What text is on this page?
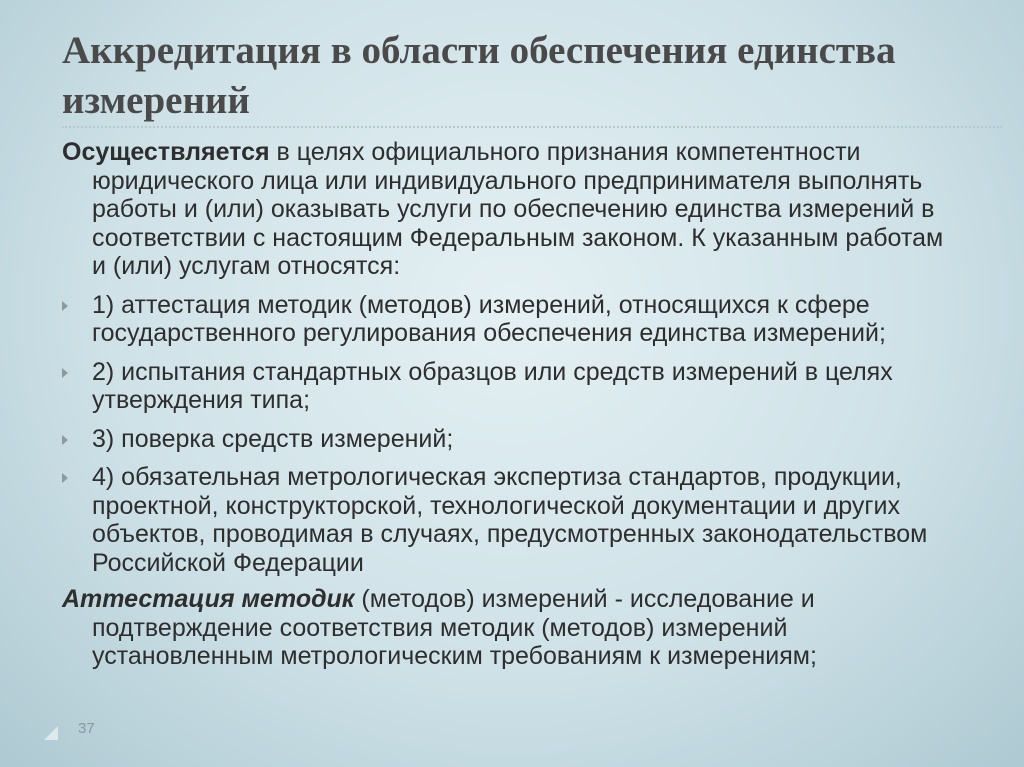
Аккредитация в области обеспечения единства измерений

Осуществляется в целях официального признания компетентности юридического лица или индивидуального предпринимателя выполнять работы и (или) оказывать услуги по обеспечению единства измерений в соответствии с настоящим Федеральным законом. К указанным работам и (или) услугам относятся:

1) аттестация методик (методов) измерений, относящихся к сфере государственного регулирования обеспечения единства измерений;
2) испытания стандартных образцов или средств измерений в целях утверждения типа;
3) поверка средств измерений;
4) обязательная метрологическая экспертиза стандартов, продукции, проектной, конструкторской, технологической документации и других объектов, проводимая в случаях, предусмотренных законодательством Российской Федерации

Аттестация методик (методов) измерений - исследование и подтверждение соответствия методик (методов) измерений установленным метрологическим требованиям к измерениям;

37
